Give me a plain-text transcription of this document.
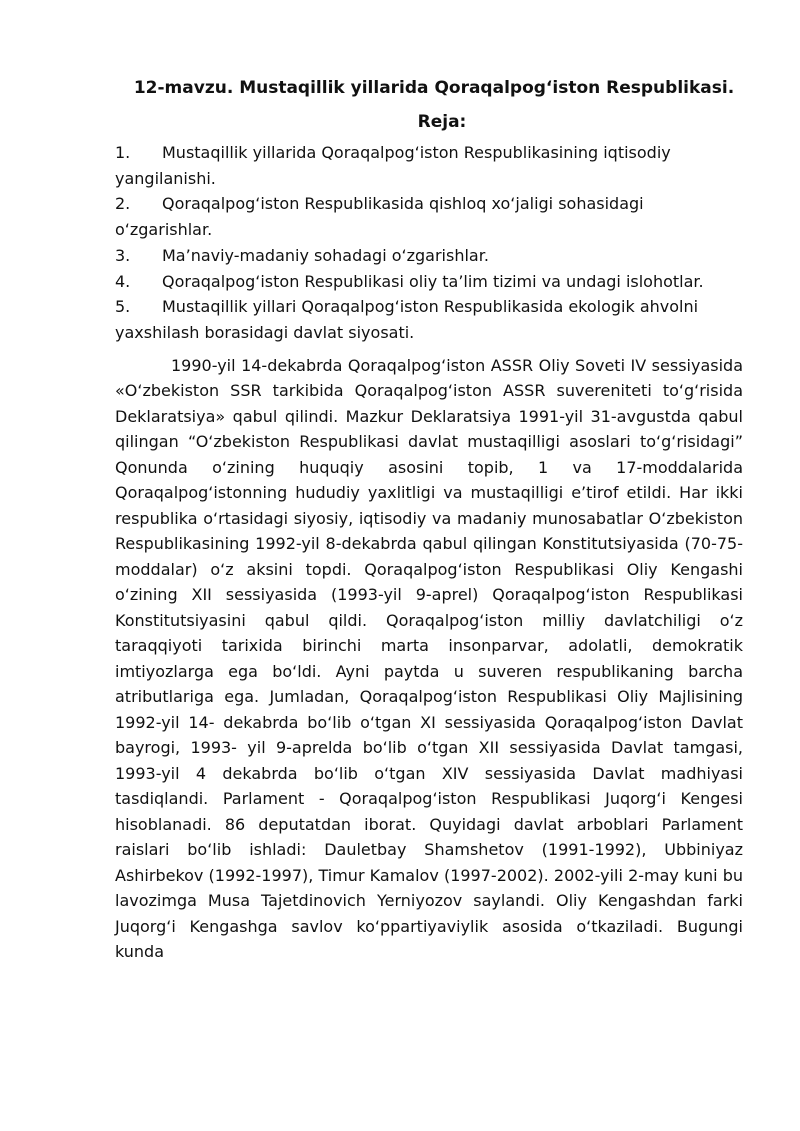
12-mavzu. Mustaqillik yillarida Qoraqalpog‘iston Respublikasi.
Reja:
1. Mustaqillik yillarida Qoraqalpog‘iston Respublikasining iqtisodiy yangilanishi.
2. Qoraqalpog‘iston Respublikasida qishloq xo‘jaligi sohasidagi o‘zgarishlar.
3. Ma’naviy-madaniy sohadagi o‘zgarishlar.
4. Qoraqalpog‘iston Respublikasi oliy ta’lim tizimi va undagi islohotlar.
5. Mustaqillik yillari Qoraqalpog‘iston Respublikasida ekologik ahvolni yaxshilash borasidagi davlat siyosati.

1990-yil 14-dekabrda Qoraqalpog‘iston ASSR Oliy Soveti IV sessiyasida «O‘zbekiston SSR tarkibida Qoraqalpog‘iston ASSR suvereniteti to‘g‘risida Deklaratsiya» qabul qilindi. Mazkur Deklaratsiya 1991-yil 31-avgustda qabul qilingan “O‘zbekiston Respublikasi davlat mustaqilligi asoslari to‘g‘risidagi” Qonunda o‘zining huquqiy asosini topib, 1 va 17-moddalarida Qoraqalpog‘istonning hududiy yaxlitligi va mustaqilligi e’tirof etildi. Har ikki respublika o‘rtasidagi siyosiy, iqtisodiy va madaniy munosabatlar O‘zbekiston Respublikasining 1992-yil 8-dekabrda qabul qilingan Konstitutsiyasida (70-75- moddalar) o‘z aksini topdi. Qoraqalpog‘iston Respublikasi Oliy Kengashi o‘zining XII sessiyasida (1993-yil 9-aprel) Qoraqalpog‘iston Respublikasi Konstitutsiyasini qabul qildi. Qoraqalpog‘iston milliy davlatchiligi o‘z taraqqiyoti tarixida birinchi marta insonparvar, adolatli, demokratik imtiyozlarga ega bo‘ldi. Ayni paytda u suveren respublikaning barcha atributlariga ega. Jumladan, Qoraqalpog‘iston Respublikasi Oliy Majlisining 1992-yil 14- dekabrda bo‘lib o‘tgan XI sessiyasida Qoraqalpog‘iston Davlat bayrogi, 1993- yil 9-aprelda bo‘lib o‘tgan XII sessiyasida Davlat tamgasi, 1993-yil 4 dekabrda bo‘lib o‘tgan XIV sessiyasida Davlat madhiyasi tasdiqlandi. Parlament - Qoraqalpog‘iston Respublikasi Juqorg‘i Kengesi hisoblanadi. 86 deputatdan iborat. Quyidagi davlat arboblari Parlament raislari bo‘lib ishladi: Dauletbay Shamshetov (1991-1992), Ubbiniyaz Ashirbekov (1992-1997), Timur Kamalov (1997-2002). 2002-yili 2-may kuni bu lavozimga Musa Tajetdinovich Yerniyozov saylandi. Oliy Kengashdan farki Juqorg‘i Kengashga savlov ko‘ppartiyaviylik asosida o‘tkaziladi. Bugungi kunda
